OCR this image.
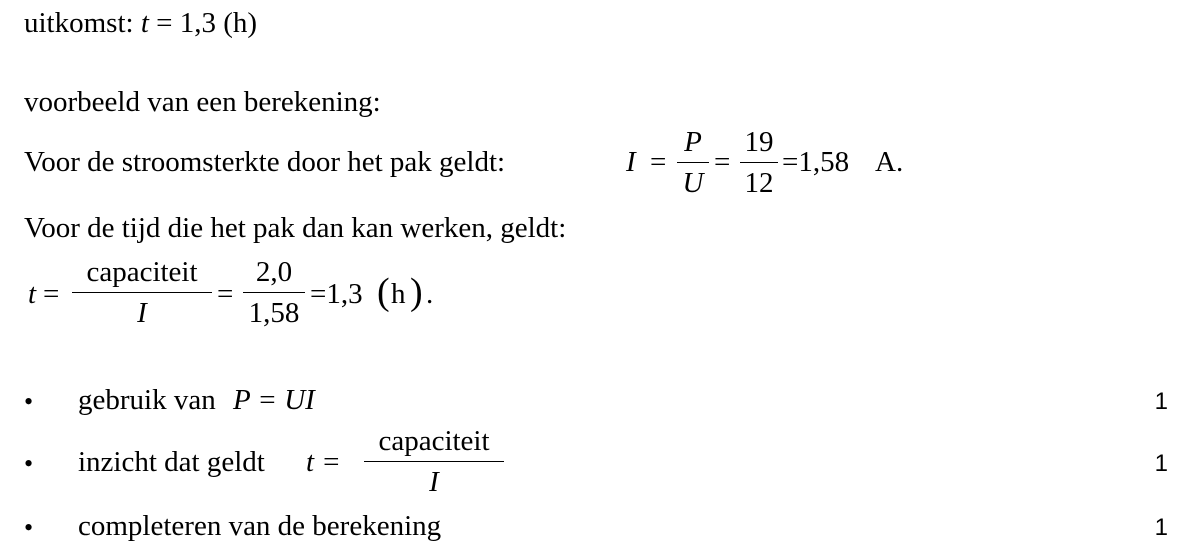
uitkomst: t = 1,3 (h)
voorbeeld van een berekening:
Voor de stroomsterkte door het pak geldt:	I =
P
U
=
19
12
=1,58 A.
Voor de tijd die het pak dan kan werken, geldt:
t =
capaciteit
I
=
2,0
1,58
=1,3 ( h ) .
• gebruik van P = UI	1
• inzicht dat geldt t =
capaciteit
I
1
• completeren van de berekening	1
